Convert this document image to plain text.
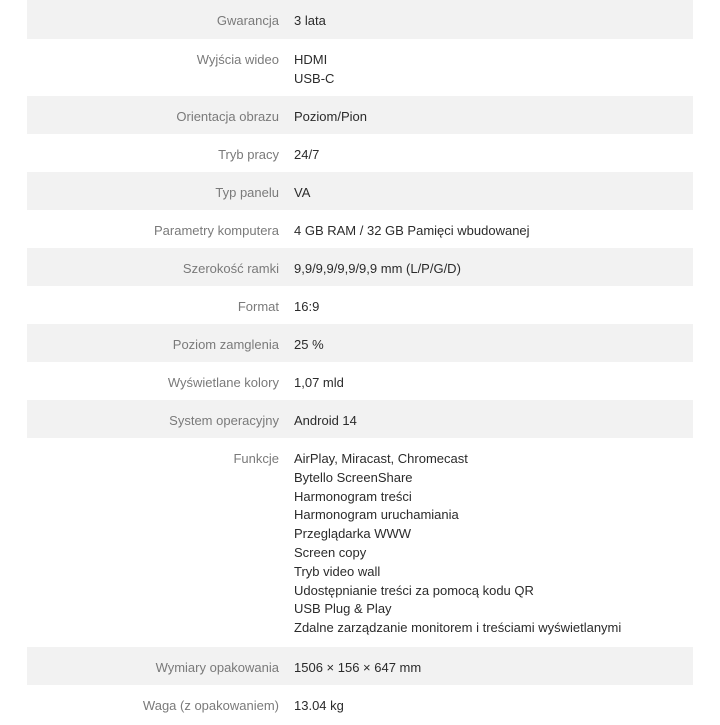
Gwarancja 3 lata
Wyjścia wideo HDMI
USB-C
Orientacja obrazu Poziom/Pion
Tryb pracy 24/7
Typ panelu VA
Parametry komputera 4 GB RAM / 32 GB Pamięci wbudowanej
Szerokość ramki 9,9/9,9/9,9/9,9 mm (L/P/G/D)
Format 16:9
Poziom zamglenia 25 %
Wyświetlane kolory 1,07 mld
System operacyjny Android 14
Funkcje AirPlay, Miracast, Chromecast
Bytello ScreenShare
Harmonogram treści
Harmonogram uruchamiania
Przeglądarka WWW
Screen copy
Tryb video wall
Udostępnianie treści za pomocą kodu QR
USB Plug & Play
Zdalne zarządzanie monitorem i treściami wyświetlanymi
Wymiary opakowania 1506 × 156 × 647 mm
Waga (z opakowaniem) 13.04 kg
